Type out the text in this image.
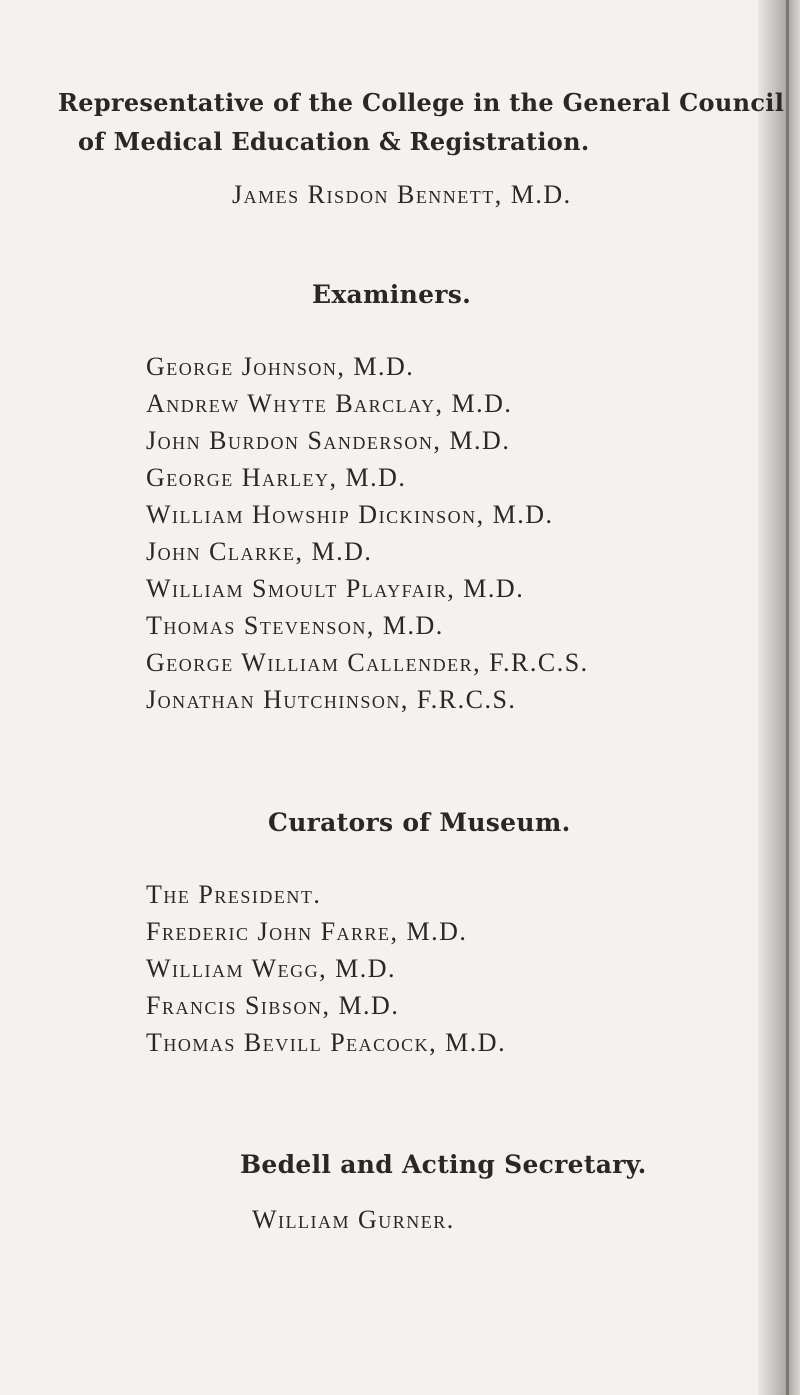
Representative of the College in the General Council
of Medical Education & Registration.
James Risdon Bennett, M.D.
Examiners.
George Johnson, M.D.
Andrew Whyte Barclay, M.D.
John Burdon Sanderson, M.D.
George Harley, M.D.
William Howship Dickinson, M.D.
John Clarke, M.D.
William Smoult Playfair, M.D.
Thomas Stevenson, M.D.
George William Callender, F.R.C.S.
Jonathan Hutchinson, F.R.C.S.
Curators of Museum.
The President.
Frederic John Farre, M.D.
William Wegg, M.D.
Francis Sibson, M.D.
Thomas Bevill Peacock, M.D.
Bedell and Acting Secretary.
William Gurner.
